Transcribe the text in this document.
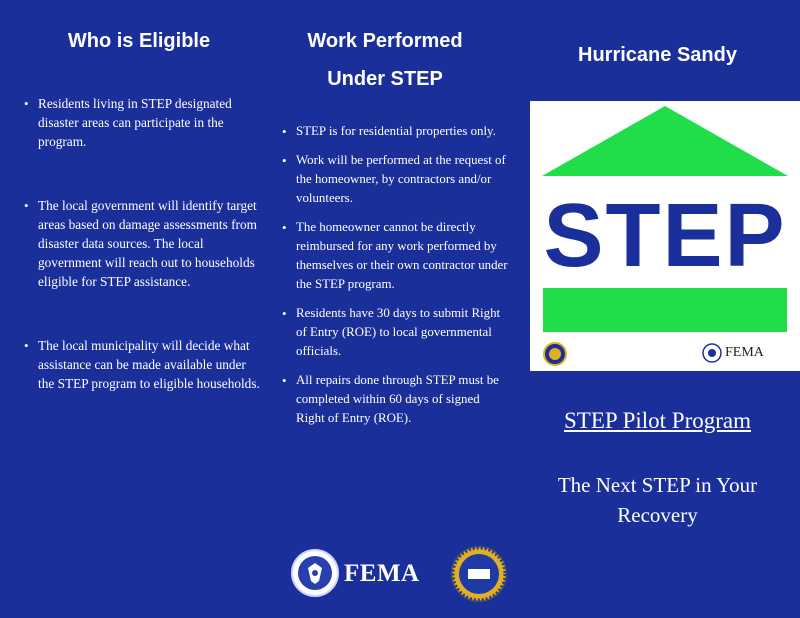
Who is Eligible
• Residents living in STEP designated disaster areas can participate in the program.
• The local government will identify target areas based on damage assessments from disaster data sources. The local government will reach out to households eligible for STEP assistance.
• The local municipality will decide what assistance can be made available under the STEP program to eligible households.
Work Performed
Under STEP
• STEP is for residential properties only.
• Work will be performed at the request of the homeowner, by contractors and/or volunteers.
• The homeowner cannot be directly reimbursed for any work performed by themselves or their own contractor under the STEP program.
• Residents have 30 days to submit Right of Entry (ROE) to local governmental officials.
• All repairs done through STEP must be completed within 60 days of signed Right of Entry (ROE).
Hurricane Sandy
STEP
FEMA
STEP Pilot Program
The Next STEP in Your Recovery
FEMA
